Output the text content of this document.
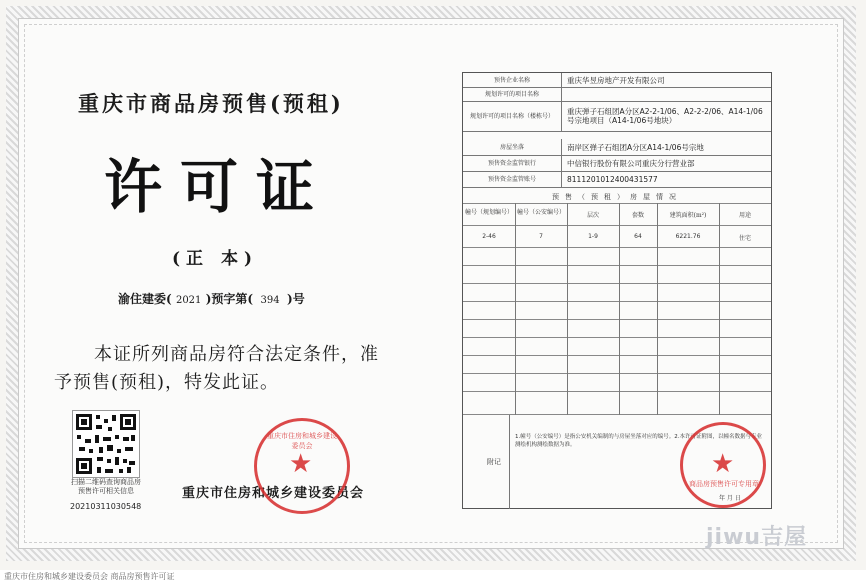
重庆市商品房预售(预租)
许可证
(正 本)
渝住建委( 2021 )预字第( 394 )号
本证所列商品房符合法定条件，准
予预售(预租)，特发此证。
扫描二维码查询商品房预售许可相关信息
20210311030548
重庆市住房和城乡建设委员会
重庆市住房和城乡建设委员会
★
预售企业名称	重庆华昱房地产开发有限公司
规划许可的项目名称
规划许可的项目名称（楼栋号）	重庆弹子石组团A分区A2-2-1/06、A2-2-2/06、A14-1/06号宗地项目（A14-1/06号地块）
房屋坐落	南岸区弹子石组团A分区A14-1/06号宗地
预售资金监管银行	中信银行股份有限公司重庆分行营业部
预售资金监管账号	8111201012400431577
预售（预租）房屋情况
幢号（规划编号） 幢号（公安编号）	层次	套数	建筑面积(m²)	用途
2-46	7	1-9	64	6221.76	住宅
附记
1.幢号（公安编号）是指公安机关编制的与房屋坐落对应的编号。2.本许可证附图，以幢名数据与专业测绘机构测绘数据为准。
年 月 日
商品房预售许可专用章
★
jiwu吉屋
重庆市住房和城乡建设委员会 商品房预售许可证
